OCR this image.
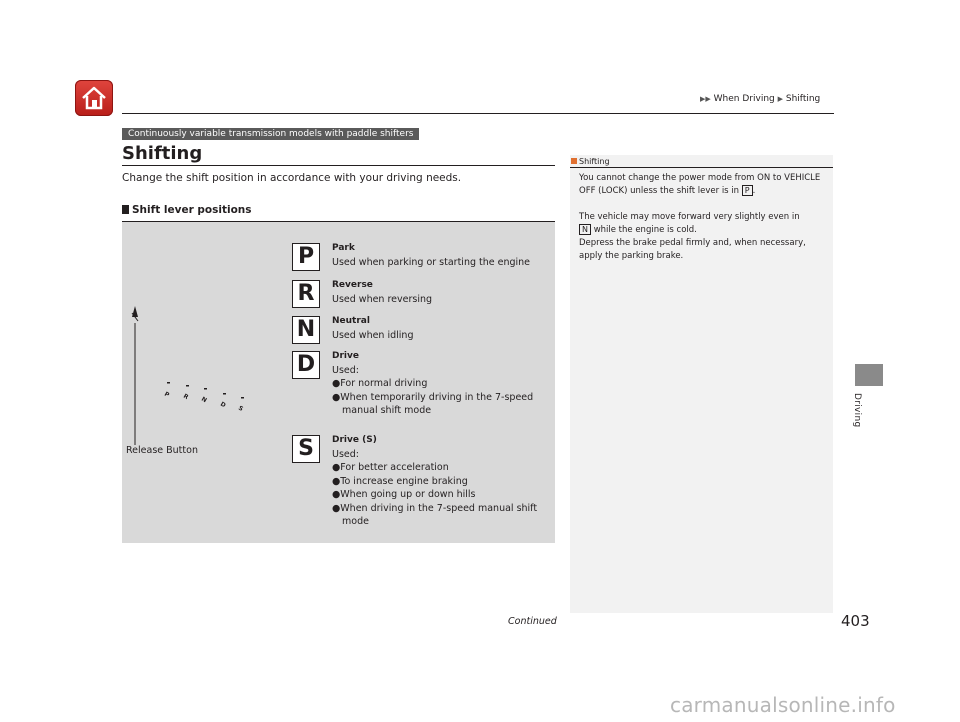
▶▶ When Driving ▶ Shifting
Driving
Continuously variable transmission models with paddle shifters
Shifting
Change the shift position in accordance with your driving needs.
Shift lever positions
P R N
D S
Release Button
P	Park
Used when parking or starting the engine
R	Reverse
Used when reversing
N	Neutral
Used when idling
D	Drive
Used:
●For normal driving
●When temporarily driving in the 7-speed manual shift mode
S	Drive (S)
Used:
●For better acceleration
●To increase engine braking
●When going up or down hills
●When driving in the 7-speed manual shift mode
Shifting
You cannot change the power mode from ON to VEHICLE OFF (LOCK) unless the shift lever is in P .
The vehicle may move forward very slightly even in
N while the engine is cold.
Depress the brake pedal firmly and, when necessary, apply the parking brake.
Continued	403
carmanualsonline.info
